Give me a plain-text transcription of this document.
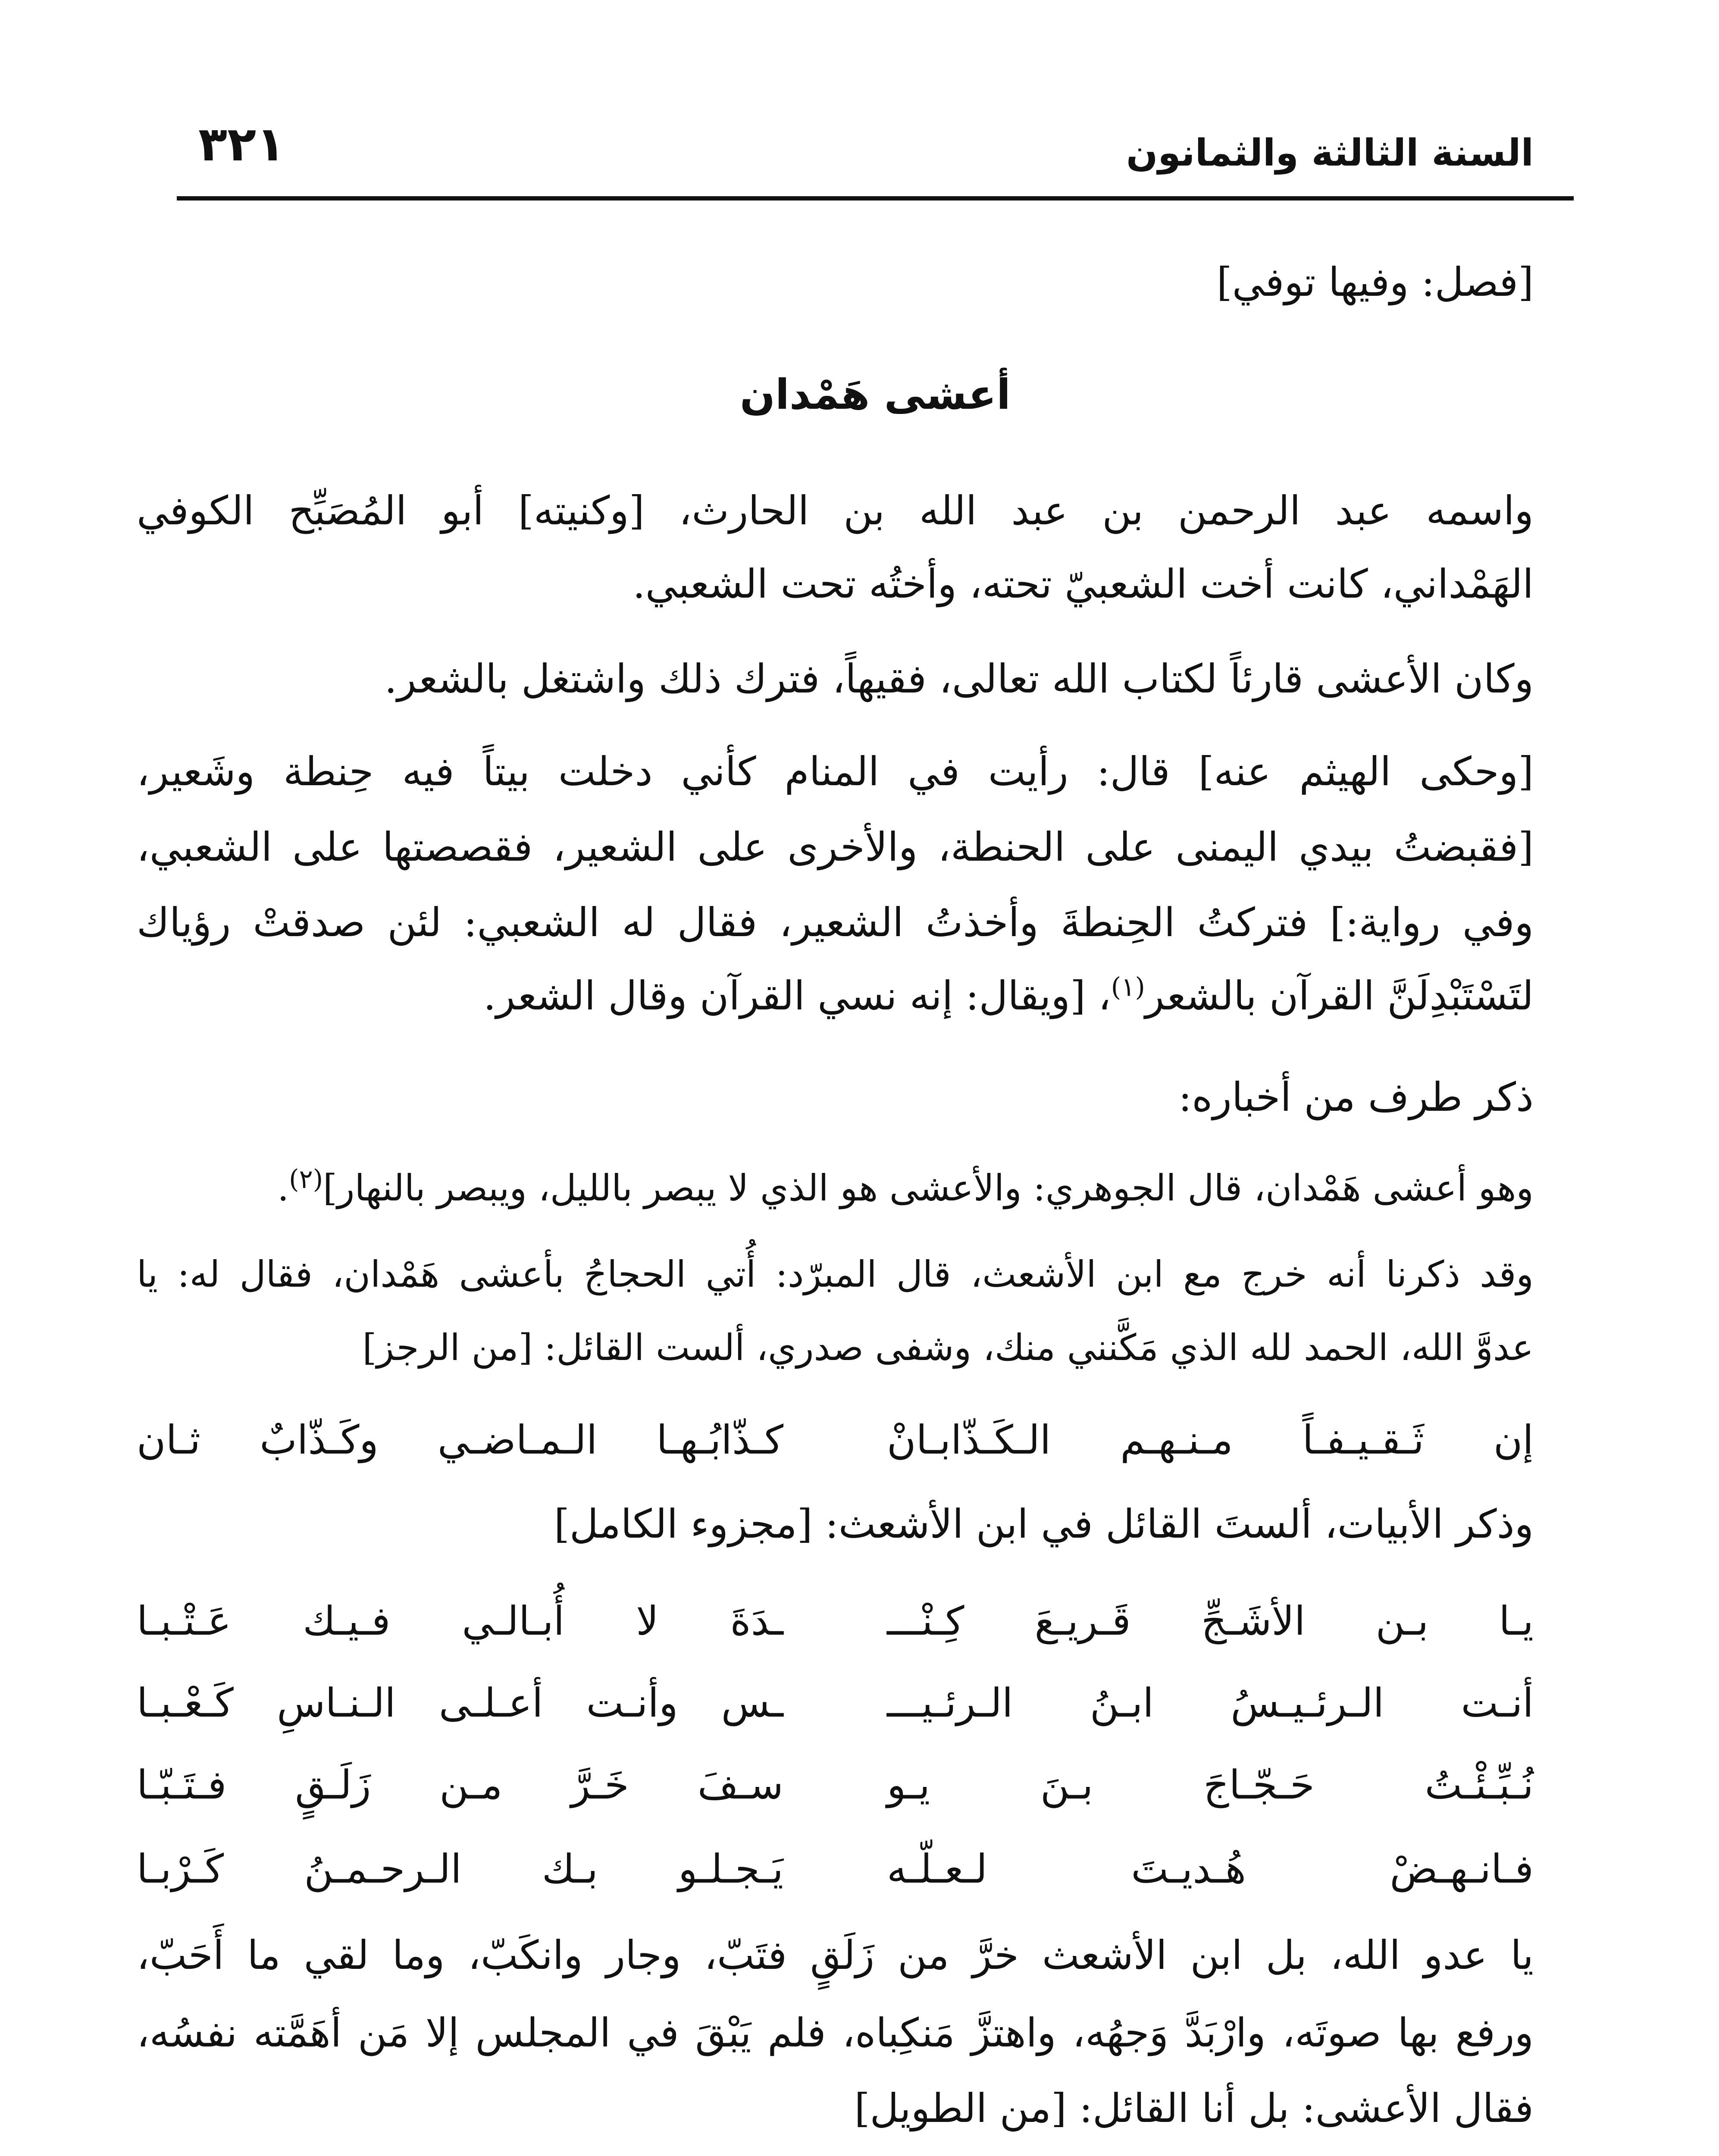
السنة الثالثة والثمانون
٣٢١
[فصل: وفيها توفي]
أعشى هَمْدان
واسمه عبد الرحمن بن عبد الله بن الحارث، [وكنيته] أبو المُصَبِّح الكوفي
الهَمْداني، كانت أخت الشعبيّ تحته، وأختُه تحت الشعبي.
وكان الأعشى قارئاً لكتاب الله تعالى، فقيهاً، فترك ذلك واشتغل بالشعر.
[وحكى الهيثم عنه] قال: رأيت في المنام كأني دخلت بيتاً فيه حِنطة وشَعير،
[فقبضتُ بيدي اليمنى على الحنطة، والأخرى على الشعير، فقصصتها على الشعبي،
وفي رواية:] فتركتُ الحِنطةَ وأخذتُ الشعير، فقال له الشعبي: لئن صدقتْ رؤياك
لتَسْتَبْدِلَنَّ القرآن بالشعر$^{(١)}$، [ويقال: إنه نسي القرآن وقال الشعر.
ذكر طرف من أخباره:
وهو أعشى هَمْدان، قال الجوهري: والأعشى هو الذي لا يبصر بالليل، ويبصر بالنهار]$^{(٢)}$.
وقد ذكرنا أنه خرج مع ابن الأشعث، قال المبرّد: أُتي الحجاجُ بأعشى هَمْدان، فقال له: يا
عدوَّ الله، الحمد لله الذي مَكَّنني منك، وشفى صدري، ألست القائل: [من الرجز]
إن ثَـقـيـفـاً مـنـهـم الـكَـذّابـانْ
كـذّابُـهـا الـمـاضـي وكَـذّابٌ ثـان
وذكر الأبيات، ألستَ القائل في ابن الأشعث: [مجزوء الكامل]
يـا بـن الأشَـجِّ قَـريـعَ كِـنْـــ
ـدَةَ لا أُبـالـي فـيـك عَـتْـبـا
أنـت الـرئـيـسُ ابـنُ الـرئـيـــ
ـس وأنـت أعـلـى الـنـاسِ كَـعْـبـا
نُـبِّـئْـتُ حَـجّـاجَ بـنَ يـو
سـفَ خَـرَّ مـن زَلَـقٍ فـتَـبّـا
فـانـهـضْ هُـديـتَ لـعـلّـه
يَـجـلـو بـك الـرحـمـنُ كَـرْبـا
يا عدو الله، بل ابن الأشعث خرَّ من زَلَقٍ فتَبّ، وجار وانكَبّ، وما لقي ما أَحَبّ،
ورفع بها صوتَه، وارْبَدَّ وَجهُه، واهتزَّ مَنكِباه، فلم يَبْقَ في المجلس إلا مَن أهَمَّته نفسُه،
فقال الأعشى: بل أنا القائل: [من الطويل]
